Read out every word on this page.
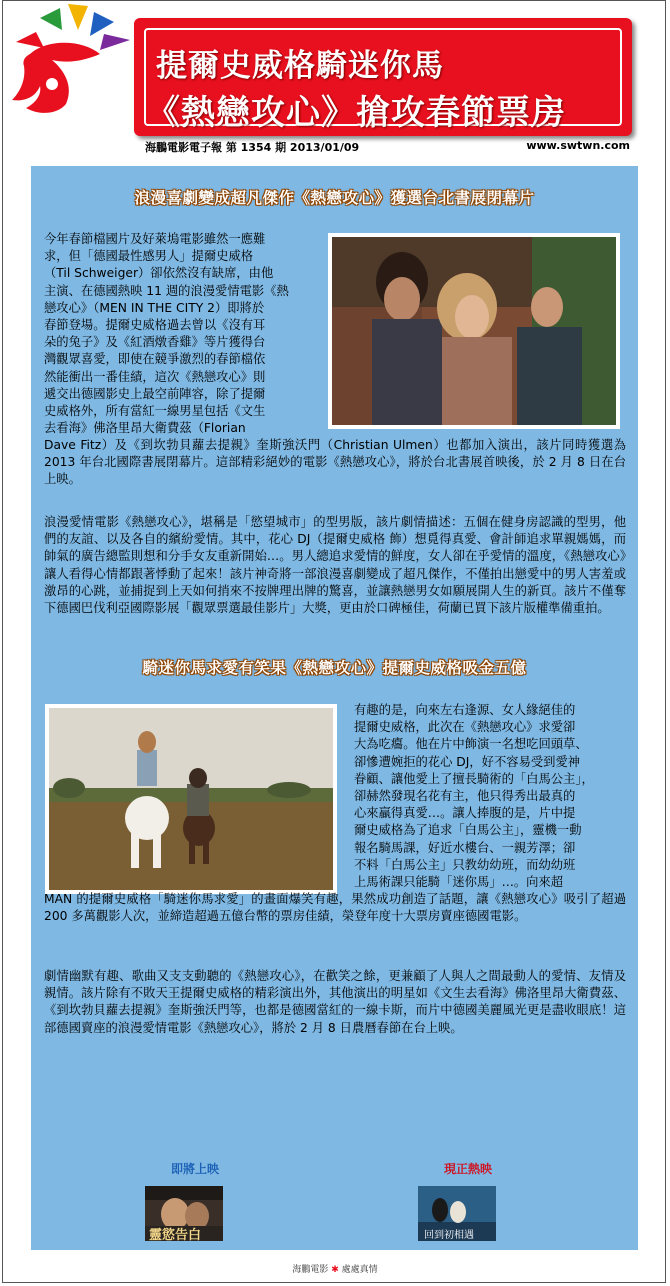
提爾史威格騎迷你馬
《熱戀攻心》搶攻春節票房
海鵬電影電子報 第 1354 期 2013/01/09	www.swtwn.com
浪漫喜劇變成超凡傑作《熱戀攻心》獲選台北書展閉幕片
今年春節檔國片及好萊塢電影雖然一應難
求，但「德國最性感男人」提爾史威格
（Til Schweiger）卻依然沒有缺席，由他
主演、在德國熱映 11 週的浪漫愛情電影《熱
戀攻心》（MEN IN THE CITY 2）即將於
春節登場。提爾史威格過去曾以《沒有耳
朵的兔子》及《紅酒燉香雞》等片獲得台
灣觀眾喜愛，即使在競爭激烈的春節檔依
然能衝出一番佳績，這次《熱戀攻心》則
遞交出德國影史上最空前陣容，除了提爾
史威格外，所有當紅一線男星包括《文生
去看海》佛洛里昂大衛費茲（Florian

Dave Fitz）及《到坎勃貝蘿去提親》奎斯強沃門（Christian Ulmen）也都加入演出，該片同時獲選為 2013 年台北國際書展閉幕片。這部精彩絕妙的電影《熱戀攻心》，將於台北書展首映後，於 2 月 8 日在台上映。

浪漫愛情電影《熱戀攻心》，堪稱是「慾望城市」的型男版，該片劇情描述：五個在健身房認識的型男，他們的友誼、以及各自的繽紛愛情。其中，花心 DJ（提爾史威格 飾）想覓得真愛、會計師追求單親媽媽，而帥氣的廣告總監則想和分手女友重新開始…。男人總追求愛情的鮮度，女人卻在乎愛情的溫度，《熱戀攻心》讓人看得心情都跟著悸動了起來！該片神奇將一部浪漫喜劇變成了超凡傑作，不僅拍出戀愛中的男人害羞或激昂的心跳，並捕捉到上天如何捎來不按牌理出牌的驚喜，並讓熱戀男女如願展開人生的新頁。該片不僅奪下德國巴伐利亞國際影展「觀眾票選最佳影片」大獎，更由於口碑極佳，荷蘭已買下該片版權準備重拍。

騎迷你馬求愛有笑果《熱戀攻心》提爾史威格吸金五億
有趣的是，向來左右逢源、女人緣絕佳的
提爾史威格，此次在《熱戀攻心》求愛卻
大為吃癟。他在片中飾演一名想吃回頭草、
卻慘遭婉拒的花心 DJ，好不容易受到愛神
眷顧、讓他愛上了擅長騎術的「白馬公主」，
卻赫然發現名花有主，他只得秀出最真的
心來贏得真愛…。讓人捧腹的是，片中提
爾史威格為了追求「白馬公主」，靈機一動
報名騎馬課，好近水樓台、一親芳澤；卻
不料「白馬公主」只教幼幼班，而幼幼班
上馬術課只能騎「迷你馬」…。向來超

MAN 的提爾史威格「騎迷你馬求愛」的畫面爆笑有趣，果然成功創造了話題，讓《熱戀攻心》吸引了超過 200 多萬觀影人次，並締造超過五億台幣的票房佳績，榮登年度十大票房賣座德國電影。

劇情幽默有趣、歌曲又支支動聽的《熱戀攻心》，在歡笑之餘，更兼顧了人與人之間最動人的愛情、友情及親情。該片除有不敗天王提爾史威格的精彩演出外，其他演出的明星如《文生去看海》佛洛里昂大衛費茲、《到坎勃貝蘿去提親》奎斯強沃門等，也都是德國當紅的一線卡斯，而片中德國美麗風光更是盡收眼底！這部德國賣座的浪漫愛情電影《熱戀攻心》，將於 2 月 8 日農曆春節在台上映。

即將上映
靈慾告白
現正熱映
回到初相遇
海鵬電影 ✱ 處處真情
